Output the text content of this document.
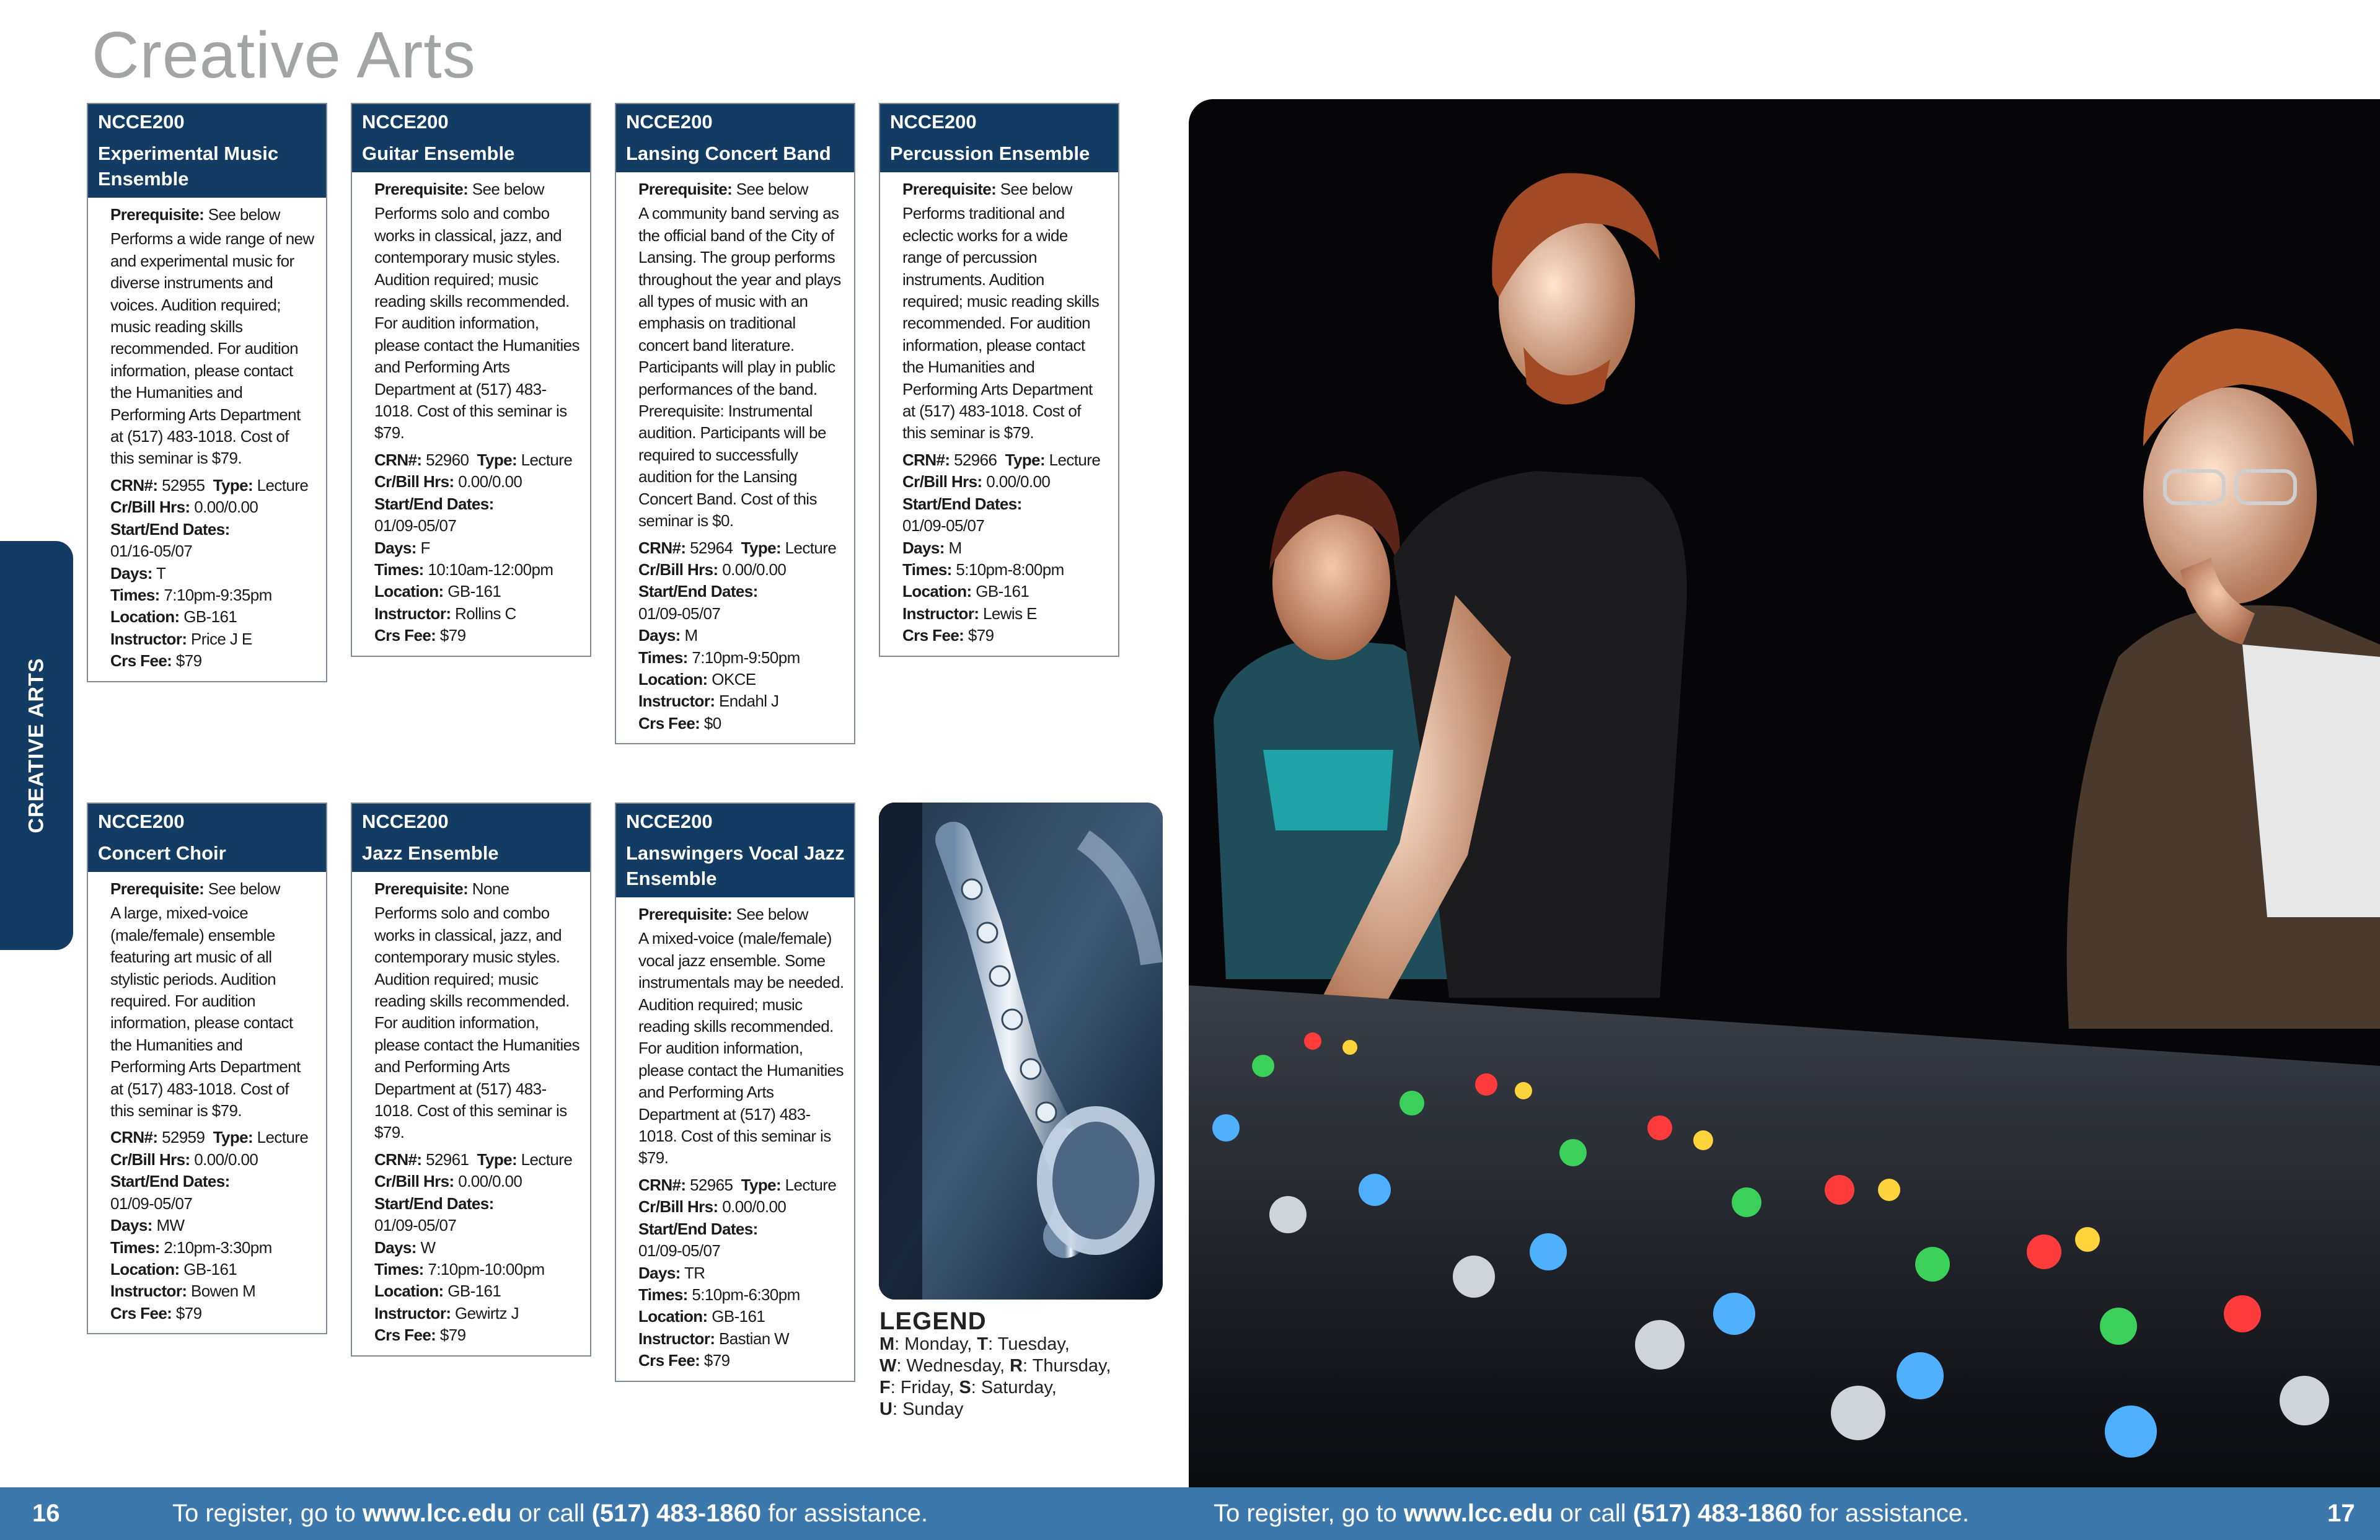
Creative Arts
CREATIVE ARTS
NCCE200
Experimental Music Ensemble
Prerequisite: See below
Performs a wide range of new and experimental music for diverse instruments and voices. Audition required; music reading skills recommended. For audition information, please contact the Humanities and Performing Arts Department at (517) 483-1018. Cost of this seminar is $79.
CRN#: 52955 Type: Lecture
Cr/Bill Hrs: 0.00/0.00
Start/End Dates:
01/16-05/07
Days: T
Times: 7:10pm-9:35pm
Location: GB-161
Instructor: Price J E
Crs Fee: $79
NCCE200
Guitar Ensemble
Prerequisite: See below
Performs solo and combo works in classical, jazz, and contemporary music styles. Audition required; music reading skills recommended. For audition information, please contact the Humanities and Performing Arts Department at (517) 483-1018. Cost of this seminar is $79.
CRN#: 52960 Type: Lecture
Cr/Bill Hrs: 0.00/0.00
Start/End Dates:
01/09-05/07
Days: F
Times: 10:10am-12:00pm
Location: GB-161
Instructor: Rollins C
Crs Fee: $79
NCCE200
Lansing Concert Band
Prerequisite: See below
A community band serving as the official band of the City of Lansing. The group performs throughout the year and plays all types of music with an emphasis on traditional concert band literature. Participants will play in public performances of the band. Prerequisite: Instrumental audition. Participants will be required to successfully audition for the Lansing Concert Band. Cost of this seminar is $0.
CRN#: 52964 Type: Lecture
Cr/Bill Hrs: 0.00/0.00
Start/End Dates:
01/09-05/07
Days: M
Times: 7:10pm-9:50pm
Location: OKCE
Instructor: Endahl J
Crs Fee: $0
NCCE200
Percussion Ensemble
Prerequisite: See below
Performs traditional and eclectic works for a wide range of percussion instruments. Audition required; music reading skills recommended. For audition information, please contact the Humanities and Performing Arts Department at (517) 483-1018. Cost of this seminar is $79.
CRN#: 52966 Type: Lecture
Cr/Bill Hrs: 0.00/0.00
Start/End Dates:
01/09-05/07
Days: M
Times: 5:10pm-8:00pm
Location: GB-161
Instructor: Lewis E
Crs Fee: $79
NCCE200
Concert Choir
Prerequisite: See below
A large, mixed-voice (male/female) ensemble featuring art music of all stylistic periods. Audition required. For audition information, please contact the Humanities and Performing Arts Department at (517) 483-1018. Cost of this seminar is $79.
CRN#: 52959 Type: Lecture
Cr/Bill Hrs: 0.00/0.00
Start/End Dates:
01/09-05/07
Days: MW
Times: 2:10pm-3:30pm
Location: GB-161
Instructor: Bowen M
Crs Fee: $79
NCCE200
Jazz Ensemble
Prerequisite: None
Performs solo and combo works in classical, jazz, and contemporary music styles. Audition required; music reading skills recommended. For audition information, please contact the Humanities and Performing Arts Department at (517) 483-1018. Cost of this seminar is $79.
CRN#: 52961 Type: Lecture
Cr/Bill Hrs: 0.00/0.00
Start/End Dates:
01/09-05/07
Days: W
Times: 7:10pm-10:00pm
Location: GB-161
Instructor: Gewirtz J
Crs Fee: $79
NCCE200
Lanswingers Vocal Jazz Ensemble
Prerequisite: See below
A mixed-voice (male/female) vocal jazz ensemble. Some instrumentals may be needed. Audition required; music reading skills recommended. For audition information, please contact the Humanities and Performing Arts Department at (517) 483-1018. Cost of this seminar is $79.
CRN#: 52965 Type: Lecture
Cr/Bill Hrs: 0.00/0.00
Start/End Dates:
01/09-05/07
Days: TR
Times: 5:10pm-6:30pm
Location: GB-161
Instructor: Bastian W
Crs Fee: $79
LEGEND
M: Monday, T: Tuesday,
W: Wednesday, R: Thursday,
F: Friday, S: Saturday,
U: Sunday
16	To register, go to www.lcc.edu or call (517) 483-1860 for assistance.	To register, go to www.lcc.edu or call (517) 483-1860 for assistance.	17
